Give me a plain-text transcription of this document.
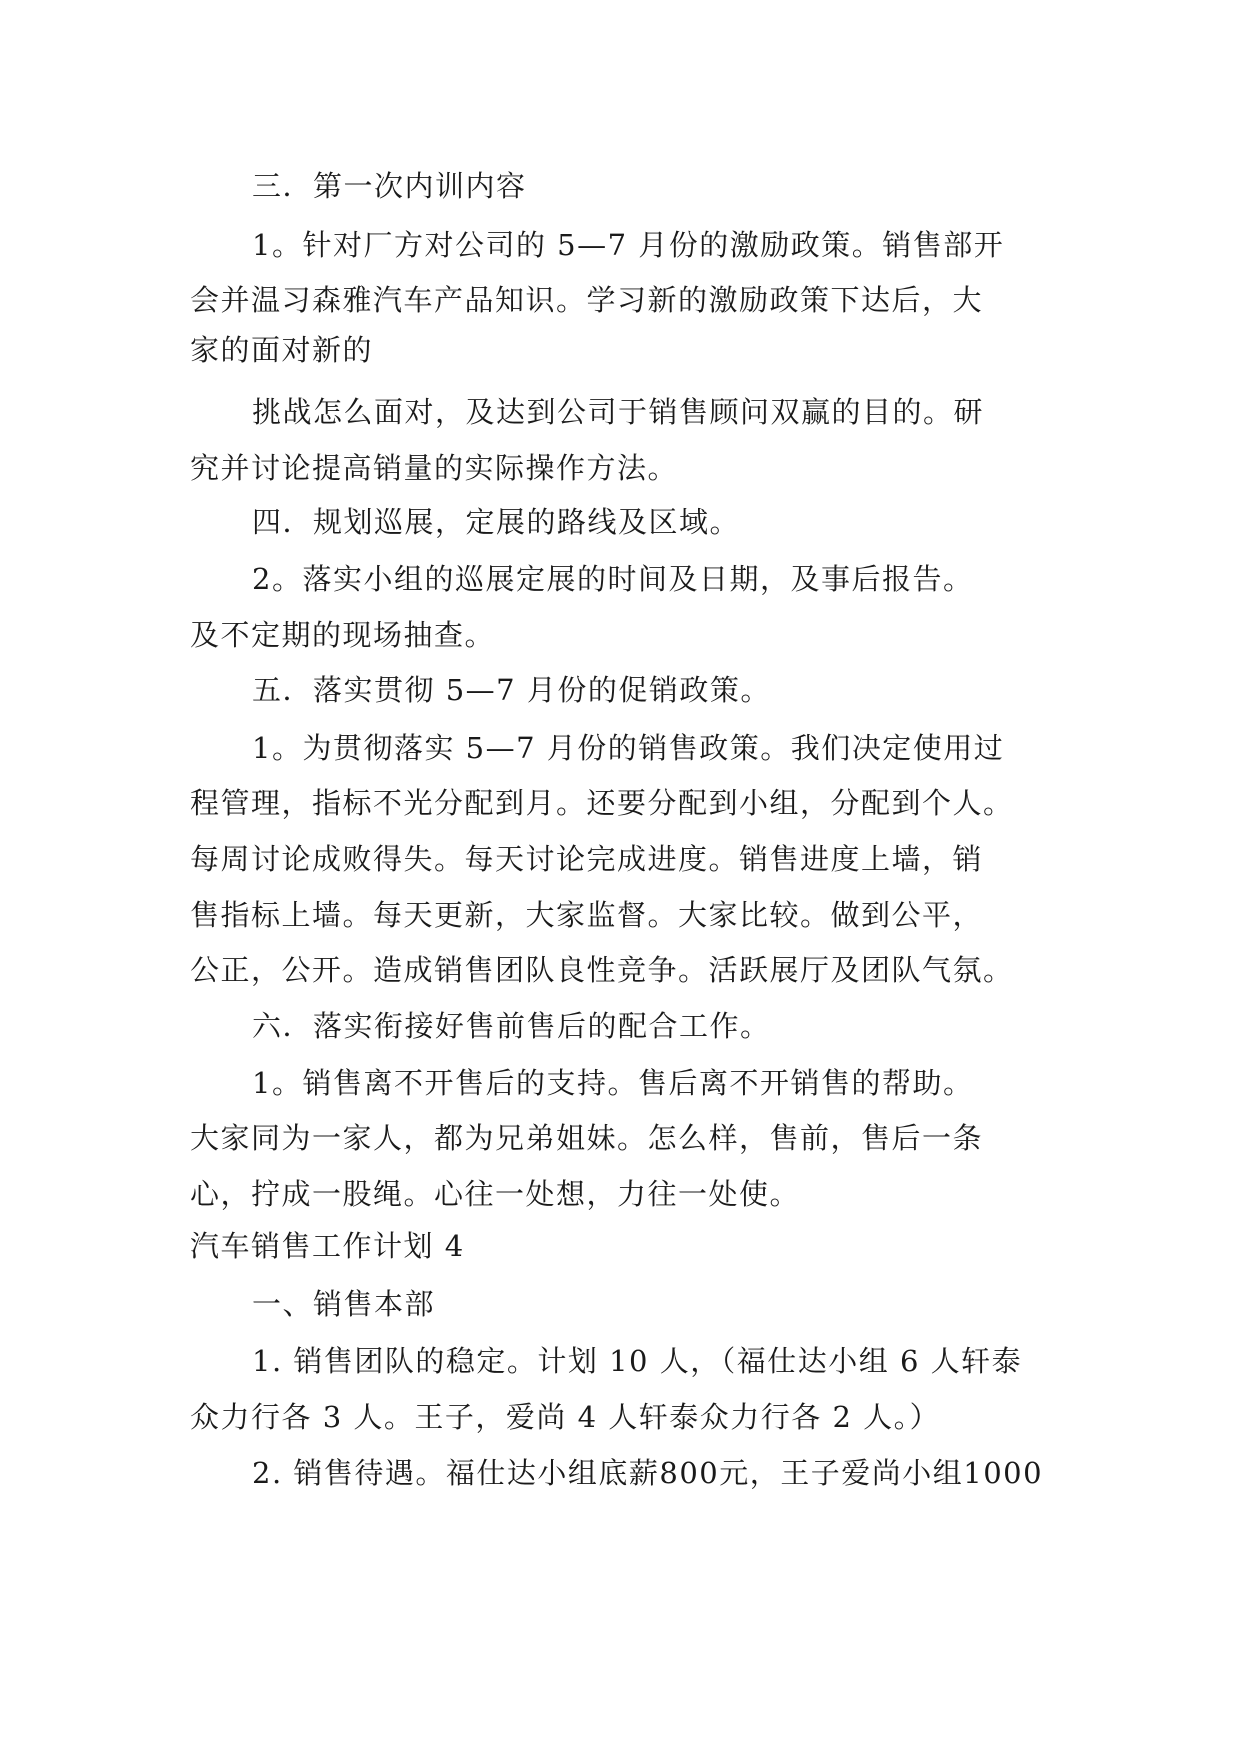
三．第一次内训内容
1。针对厂方对公司的 5—7 月份的激励政策。销售部开
会并温习森雅汽车产品知识。学习新的激励政策下达后，大
家的面对新的
挑战怎么面对，及达到公司于销售顾问双赢的目的。研
究并讨论提高销量的实际操作方法。
四．规划巡展，定展的路线及区域。
2。落实小组的巡展定展的时间及日期，及事后报告。
及不定期的现场抽查。
五．落实贯彻 5—7 月份的促销政策。
1。为贯彻落实 5—7 月份的销售政策。我们决定使用过
程管理，指标不光分配到月。还要分配到小组，分配到个人。
每周讨论成败得失。每天讨论完成进度。销售进度上墙，销
售指标上墙。每天更新，大家监督。大家比较。做到公平，
公正，公开。造成销售团队良性竞争。活跃展厅及团队气氛。
六．落实衔接好售前售后的配合工作。
1。销售离不开售后的支持。售后离不开销售的帮助。
大家同为一家人，都为兄弟姐妹。怎么样，售前，售后一条
心，拧成一股绳。心往一处想，力往一处使。
汽车销售工作计划 4
一、销售本部
1. 销售团队的稳定。计划 10 人，（福仕达小组 6 人轩泰
众力行各 3 人。王子，爱尚 4 人轩泰众力行各 2 人。）
2. 销售待遇。福仕达小组底薪800元，王子爱尚小组1000
